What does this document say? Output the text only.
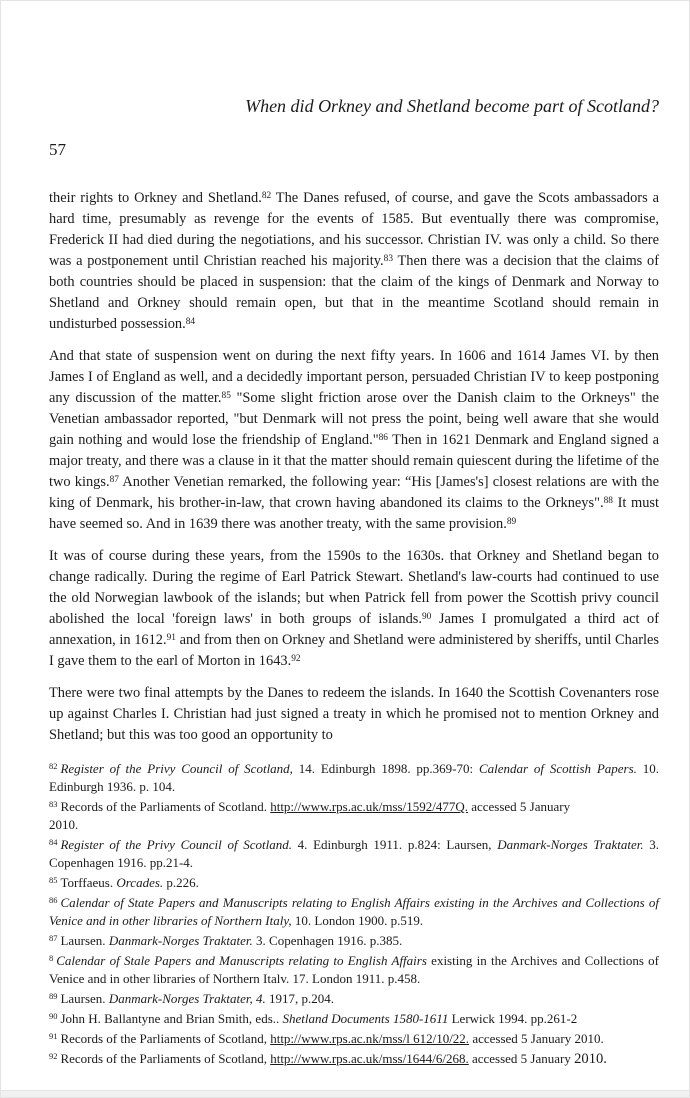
When did Orkney and Shetland become part of Scotland?
57

their rights to Orkney and Shetland.$^{82}$ The Danes refused, of course, and gave the Scots ambassadors a hard time, presumably as revenge for the events of 1585. But eventually there was compromise, Frederick II had died during the negotiations, and his successor. Christian IV. was only a child. So there was a postponement until Christian reached his majority.$^{83}$ Then there was a decision that the claims of both countries should be placed in suspension: that the claim of the kings of Denmark and Norway to Shetland and Orkney should remain open, but that in the meantime Scotland should remain in undisturbed possession.$^{84}$

And that state of suspension went on during the next fifty years. In 1606 and 1614 James VI. by then James I of England as well, and a decidedly important person, persuaded Christian IV to keep postponing any discussion of the matter.$^{85}$ "Some slight friction arose over the Danish claim to the Orkneys" the Venetian ambassador reported, "but Denmark will not press the point, being well aware that she would gain nothing and would lose the friendship of England."$^{86}$ Then in 1621 Denmark and England signed a major treaty, and there was a clause in it that the matter should remain quiescent during the lifetime of the two kings.$^{87}$ Another Venetian remarked, the following year: “His [James's] closest relations are with the king of Denmark, his brother-in-law, that crown having abandoned its claims to the Orkneys".$^{88}$ It must have seemed so. And in 1639 there was another treaty, with the same provision.$^{89}$

It was of course during these years, from the 1590s to the 1630s. that Orkney and Shetland began to change radically. During the regime of Earl Patrick Stewart. Shetland's law-courts had continued to use the old Norwegian lawbook of the islands; but when Patrick fell from power the Scottish privy council abolished the local 'foreign laws' in both groups of islands.$^{90}$ James I promulgated a third act of annexation, in 1612.91 and from then on Orkney and Shetland were administered by sheriffs, until Charles I gave them to the earl of Morton in 1643.92

There were two final attempts by the Danes to redeem the islands. In 1640 the Scottish Covenanters rose up against Charles I. Christian had just signed a treaty in which he promised not to mention Orkney and Shetland; but this was too good an opportunity to

$^{82}$ Register of the Privy Council of Scotland, 14. Edinburgh 1898. pp.369-70: Calendar of Scottish Papers. 10. Edinburgh 1936. p. 104.

$^{83}$ Records of the Parliaments of Scotland. http://www.rps.ac.uk/mss/1592/477Q. accessed 5 January
2010.

$^{84}$ Register of the Privy Council of Scotland. 4. Edinburgh 1911. p.824: Laursen, Danmark-Norges Traktater. 3. Copenhagen 1916. pp.21-4.

$^{85}$ Torffaeus. Orcades. p.226.

$^{86}$ Calendar of State Papers and Manuscripts relating to English Affairs existing in the Archives and Collections of Venice and in other libraries of Northern Italy, 10. London 1900. p.519.

$^{87}$ Laursen. Danmark-Norges Traktater. 3. Copenhagen 1916. p.385.

$^8$ Calendar of Stale Papers and Manuscripts relating to English Affairs existing in the Archives and Collections of Venice and in other libraries of Northern Italv. 17. London 1911. p.458.

$^{89}$ Laursen. Danmark-Norges Traktater, 4. 1917, p.204.

$^{90}$ John H. Ballantyne and Brian Smith, eds.. Shetland Documents 1580-1611 Lerwick 1994. pp.261-2

$^{91}$ Records of the Parliaments of Scotland, http://www.rps.ac.nk/mss/l 612/10/22. accessed 5 January 2010.

$^{92}$ Records of the Parliaments of Scotland, http://www.rps.ac.uk/mss/1644/6/268. accessed 5 January 2010.
